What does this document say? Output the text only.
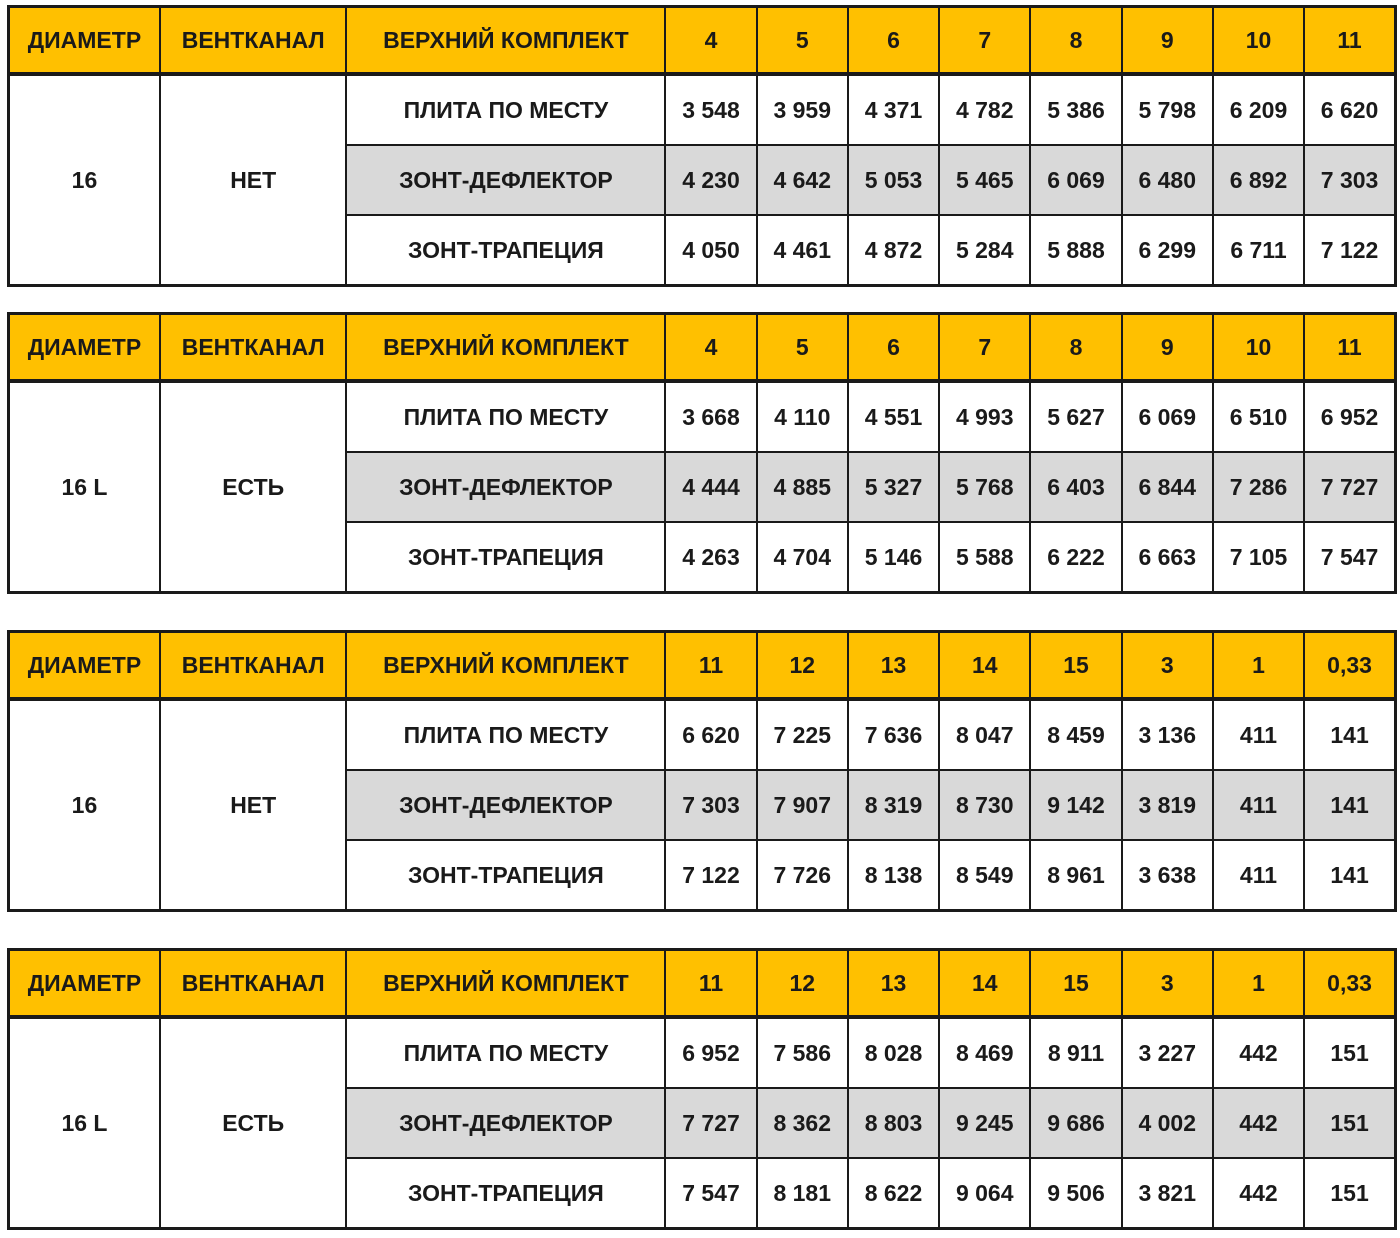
ДИАМЕТР	ВЕНТКАНАЛ	ВЕРХНИЙ КОМПЛЕКТ	4	5	6	7	8	9	10	11
16	НЕТ	ПЛИТА ПО МЕСТУ	3 548	3 959	4 371	4 782	5 386	5 798	6 209	6 620
		ЗОНТ-ДЕФЛЕКТОР	4 230	4 642	5 053	5 465	6 069	6 480	6 892	7 303
		ЗОНТ-ТРАПЕЦИЯ	4 050	4 461	4 872	5 284	5 888	6 299	6 711	7 122
ДИАМЕТР	ВЕНТКАНАЛ	ВЕРХНИЙ КОМПЛЕКТ	4	5	6	7	8	9	10	11
16 L	ЕСТЬ	ПЛИТА ПО МЕСТУ	3 668	4 110	4 551	4 993	5 627	6 069	6 510	6 952
		ЗОНТ-ДЕФЛЕКТОР	4 444	4 885	5 327	5 768	6 403	6 844	7 286	7 727
		ЗОНТ-ТРАПЕЦИЯ	4 263	4 704	5 146	5 588	6 222	6 663	7 105	7 547
ДИАМЕТР	ВЕНТКАНАЛ	ВЕРХНИЙ КОМПЛЕКТ	11	12	13	14	15	3	1	0,33
16	НЕТ	ПЛИТА ПО МЕСТУ	6 620	7 225	7 636	8 047	8 459	3 136	411	141
		ЗОНТ-ДЕФЛЕКТОР	7 303	7 907	8 319	8 730	9 142	3 819	411	141
		ЗОНТ-ТРАПЕЦИЯ	7 122	7 726	8 138	8 549	8 961	3 638	411	141
ДИАМЕТР	ВЕНТКАНАЛ	ВЕРХНИЙ КОМПЛЕКТ	11	12	13	14	15	3	1	0,33
16 L	ЕСТЬ	ПЛИТА ПО МЕСТУ	6 952	7 586	8 028	8 469	8 911	3 227	442	151
		ЗОНТ-ДЕФЛЕКТОР	7 727	8 362	8 803	9 245	9 686	4 002	442	151
		ЗОНТ-ТРАПЕЦИЯ	7 547	8 181	8 622	9 064	9 506	3 821	442	151
